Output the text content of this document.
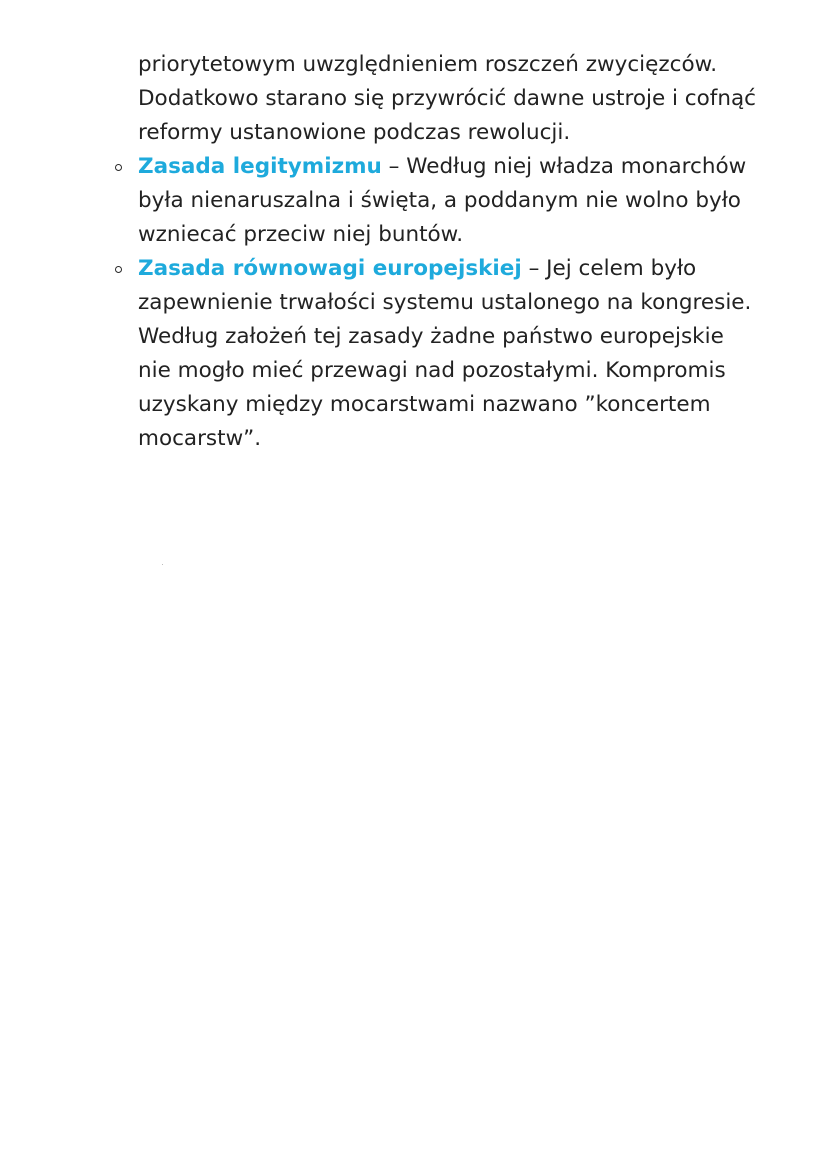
priorytetowym uwzględnieniem roszczeń zwycięzców. Dodatkowo starano się przywrócić dawne ustroje i cofnąć reformy ustanowione podczas rewolucji.

Zasada legitymizmu – Według niej władza monarchów była nienaruszalna i święta, a poddanym nie wolno było wzniecać przeciw niej buntów.
Zasada równowagi europejskiej – Jej celem było zapewnienie trwałości systemu ustalonego na kongresie. Według założeń tej zasady żadne państwo europejskie nie mogło mieć przewagi nad pozostałymi. Kompromis uzyskany między mocarstwami nazwano ”koncertem mocarstw”.
